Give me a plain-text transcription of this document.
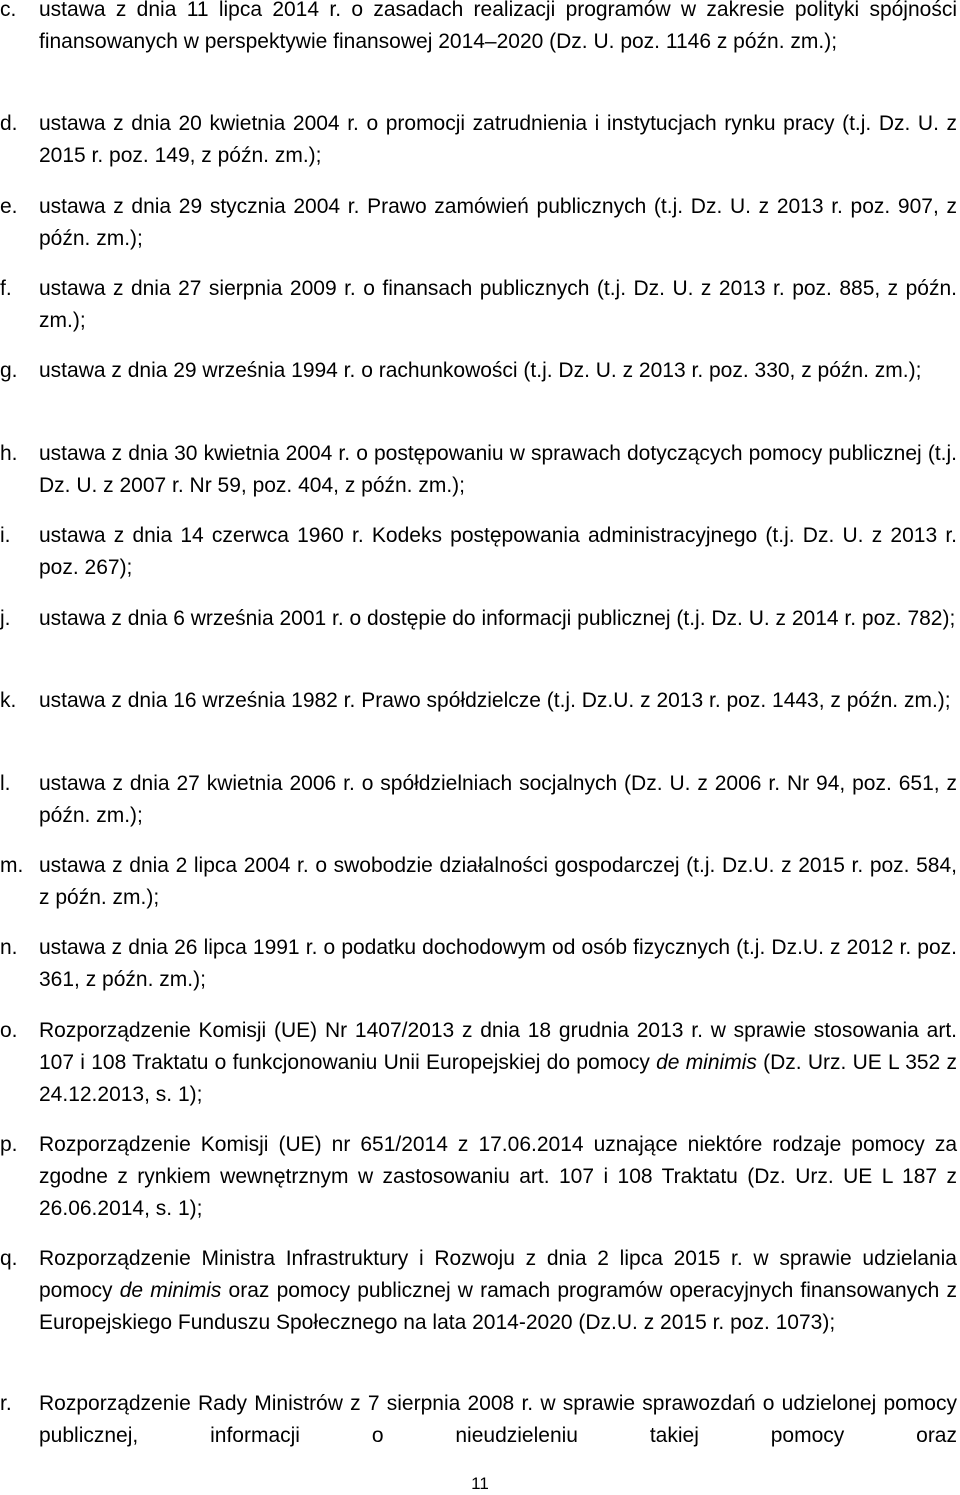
c.	ustawa z dnia 11 lipca 2014 r. o zasadach realizacji programów w zakresie polityki spójności finansowanych w perspektywie finansowej 2014–2020 (Dz. U. poz. 1146 z późn. zm.);
d.	ustawa z dnia 20 kwietnia 2004 r. o promocji zatrudnienia i instytucjach rynku pracy (t.j. Dz. U. z 2015 r. poz. 149, z późn. zm.);
e.	ustawa z dnia 29 stycznia 2004 r. Prawo zamówień publicznych (t.j. Dz. U. z 2013 r. poz. 907, z późn. zm.);
f.	ustawa z dnia 27 sierpnia 2009 r. o finansach publicznych (t.j. Dz. U. z 2013 r. poz. 885, z późn. zm.);
g.	ustawa z dnia 29 września 1994 r. o rachunkowości (t.j. Dz. U. z 2013 r. poz. 330, z późn. zm.);
h.	ustawa z dnia 30 kwietnia 2004 r. o postępowaniu w sprawach dotyczących pomocy publicznej (t.j. Dz. U. z 2007 r. Nr 59, poz. 404, z późn. zm.);
i.	ustawa z dnia 14 czerwca 1960 r. Kodeks postępowania administracyjnego (t.j. Dz. U. z 2013 r. poz. 267);
j.	ustawa z dnia 6 września 2001 r. o dostępie do informacji publicznej (t.j. Dz. U. z 2014 r. poz. 782);
k.	ustawa z dnia 16 września 1982 r. Prawo spółdzielcze (t.j. Dz.U. z 2013 r. poz. 1443, z późn. zm.);
l.	ustawa z dnia 27 kwietnia 2006 r. o spółdzielniach socjalnych (Dz. U. z 2006 r. Nr 94, poz. 651, z późn. zm.);
m. ustawa z dnia 2 lipca 2004 r. o swobodzie działalności gospodarczej (t.j. Dz.U. z 2015 r. poz. 584, z późn. zm.);
n.	ustawa z dnia 26 lipca 1991 r. o podatku dochodowym od osób fizycznych (t.j. Dz.U. z 2012 r. poz. 361, z późn. zm.);
o.	Rozporządzenie Komisji (UE) Nr 1407/2013 z dnia 18 grudnia 2013 r. w sprawie stosowania art. 107 i 108 Traktatu o funkcjonowaniu Unii Europejskiej do pomocy de minimis (Dz. Urz. UE L 352 z 24.12.2013, s. 1);
p.	Rozporządzenie Komisji (UE) nr 651/2014 z 17.06.2014 uznające niektóre rodzaje pomocy za zgodne z rynkiem wewnętrznym w zastosowaniu art. 107 i 108 Traktatu (Dz. Urz. UE L 187 z 26.06.2014, s. 1);
q.	Rozporządzenie Ministra Infrastruktury i Rozwoju z dnia 2 lipca 2015 r. w sprawie udzielania pomocy de minimis oraz pomocy publicznej w ramach programów operacyjnych finansowanych z Europejskiego Funduszu Społecznego na lata 2014-2020 (Dz.U. z 2015 r. poz. 1073);
r.	Rozporządzenie Rady Ministrów z 7 sierpnia 2008 r. w sprawie sprawozdań o udzielonej pomocy publicznej, informacji o nieudzieleniu takiej pomocy oraz
11
